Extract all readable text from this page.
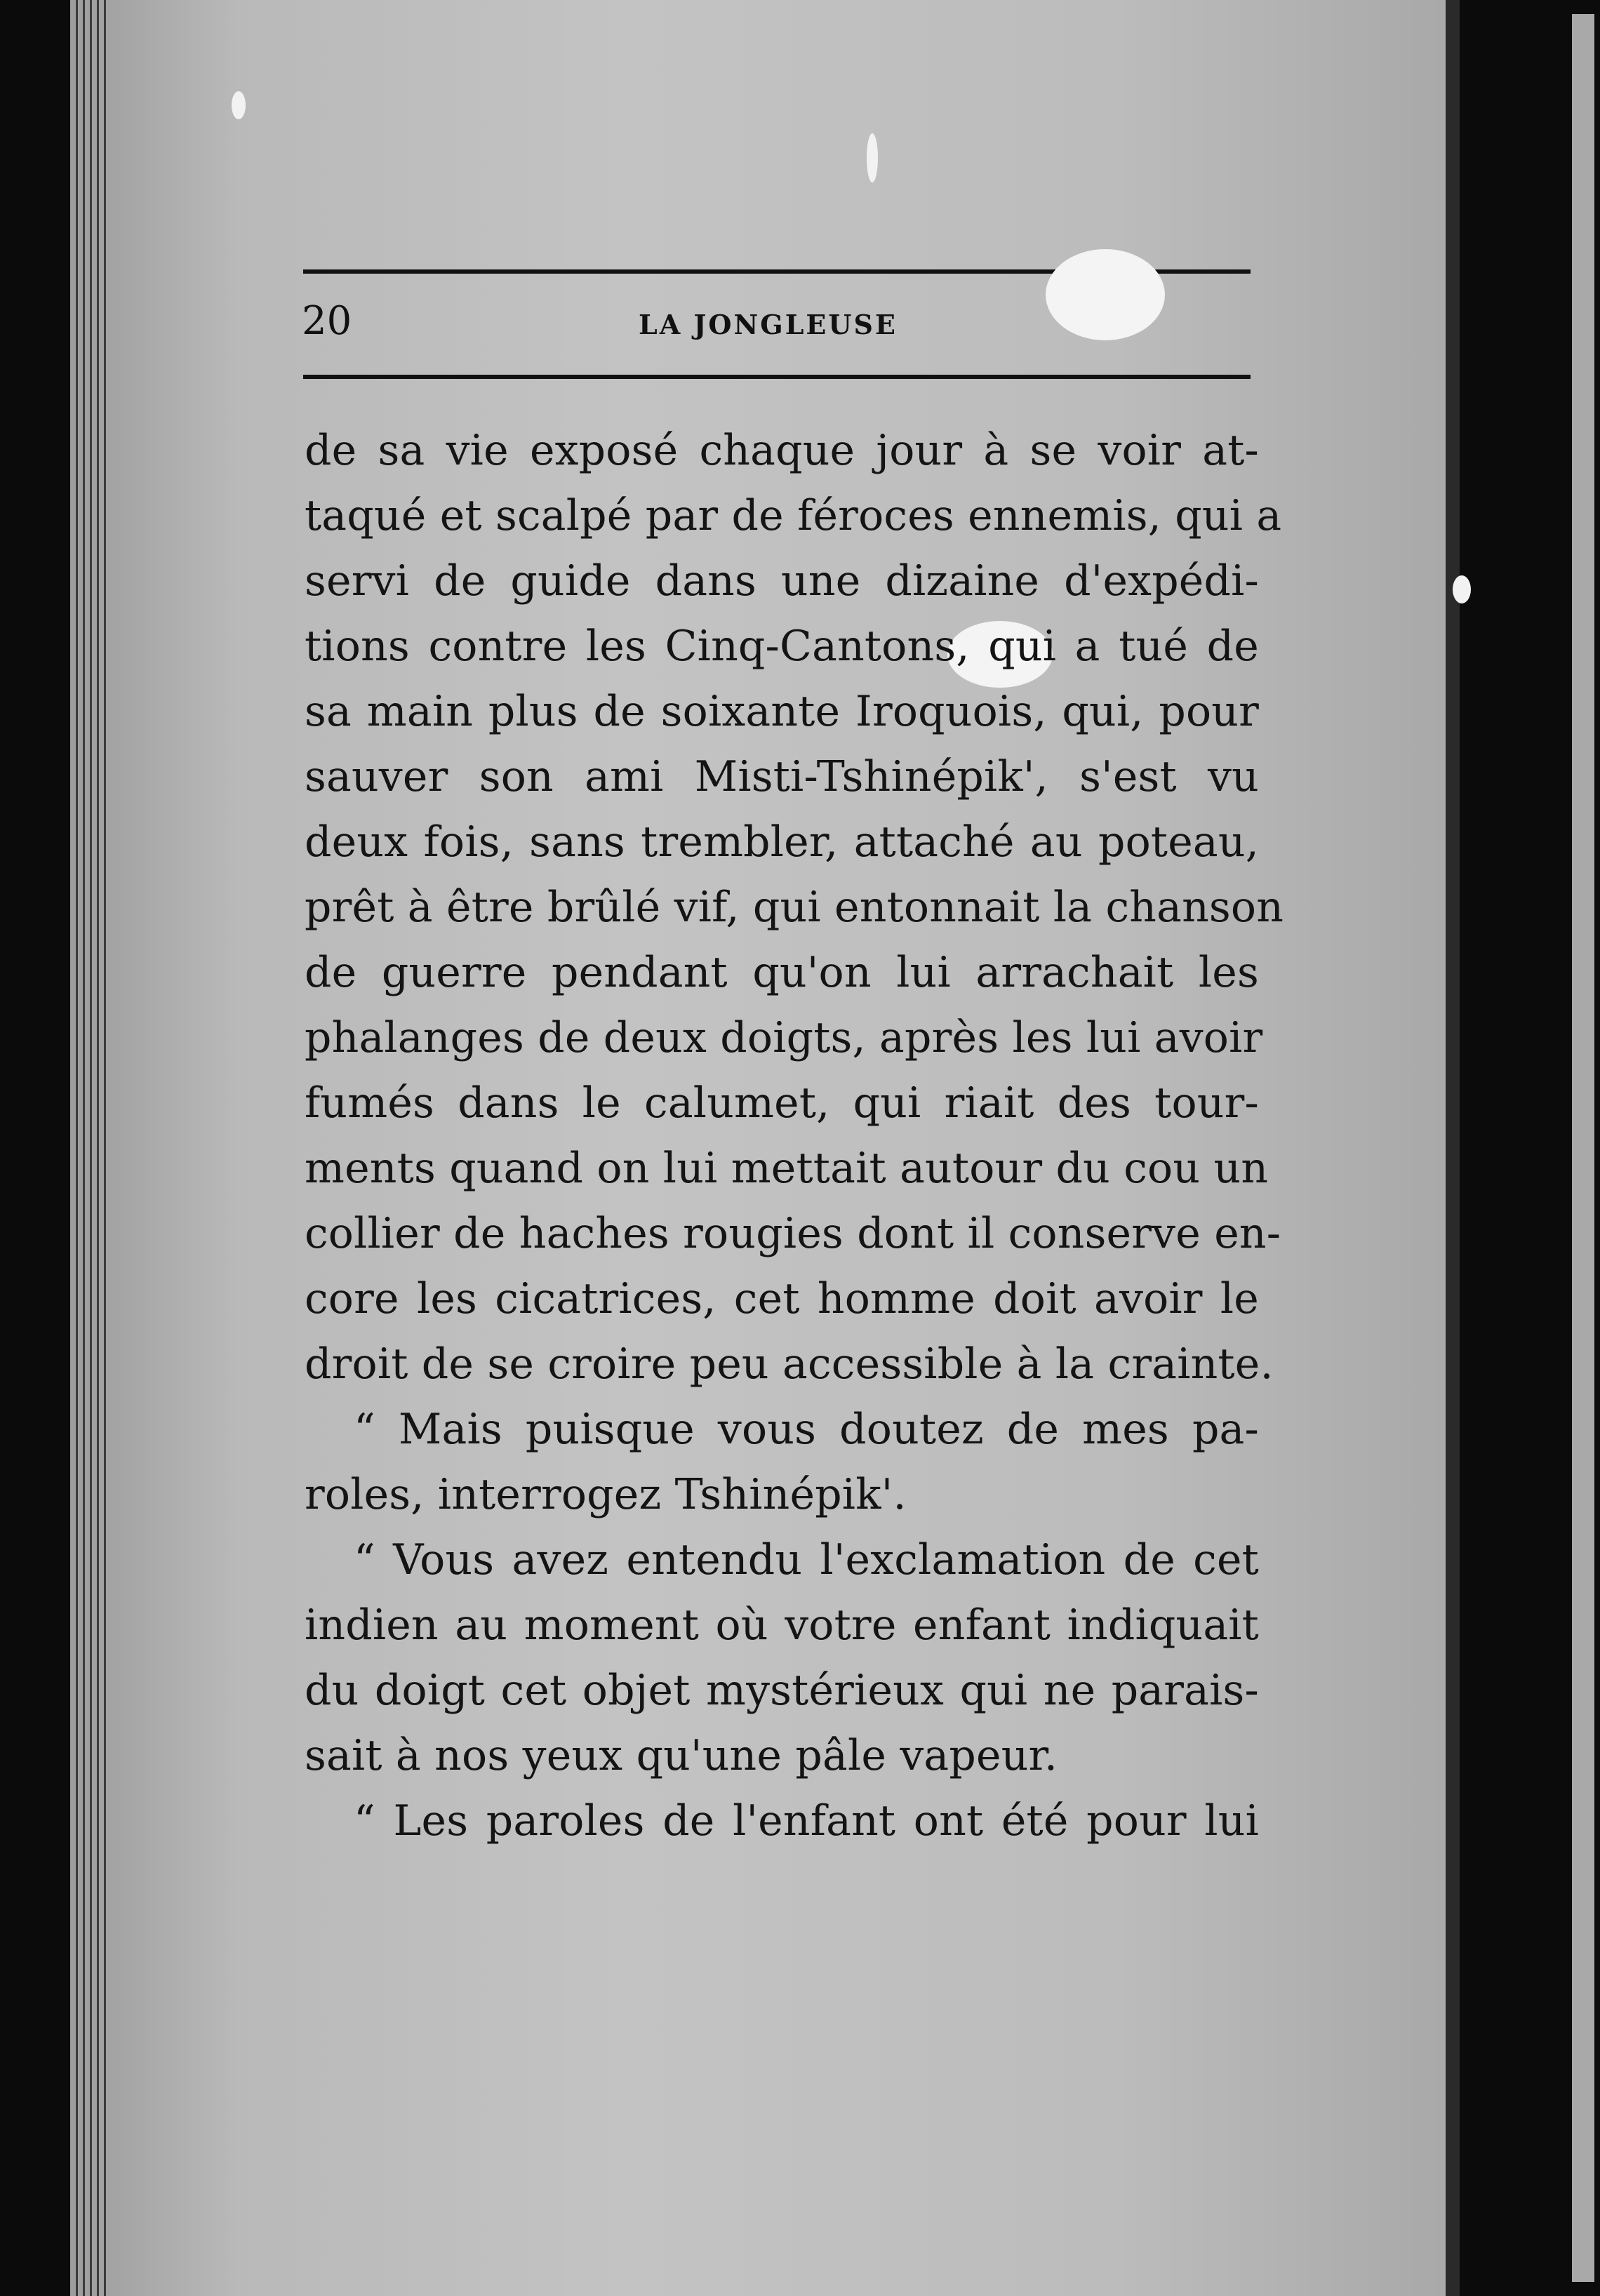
20	LA JONGLEUSE
de sa vie exposé chaque jour à se voir at-
taqué et scalpé par de féroces ennemis, qui a
servi de guide dans une dizaine d'expédi-
tions contre les Cinq-Cantons, qui a tué de
sa main plus de soixante Iroquois, qui, pour
sauver son ami Misti-Tshinépik', s'est vu
deux fois, sans trembler, attaché au poteau,
prêt à être brûlé vif, qui entonnait la chanson
de guerre pendant qu'on lui arrachait les
phalanges de deux doigts, après les lui avoir
fumés dans le calumet, qui riait des tour-
ments quand on lui mettait autour du cou un
collier de haches rougies dont il conserve en-
core les cicatrices, cet homme doit avoir le
droit de se croire peu accessible à la crainte.
“ Mais puisque vous doutez de mes pa-
roles, interrogez Tshinépik'.
“ Vous avez entendu l'exclamation de cet
indien au moment où votre enfant indiquait
du doigt cet objet mystérieux qui ne parais-
sait à nos yeux qu'une pâle vapeur.
“ Les paroles de l'enfant ont été pour lui
